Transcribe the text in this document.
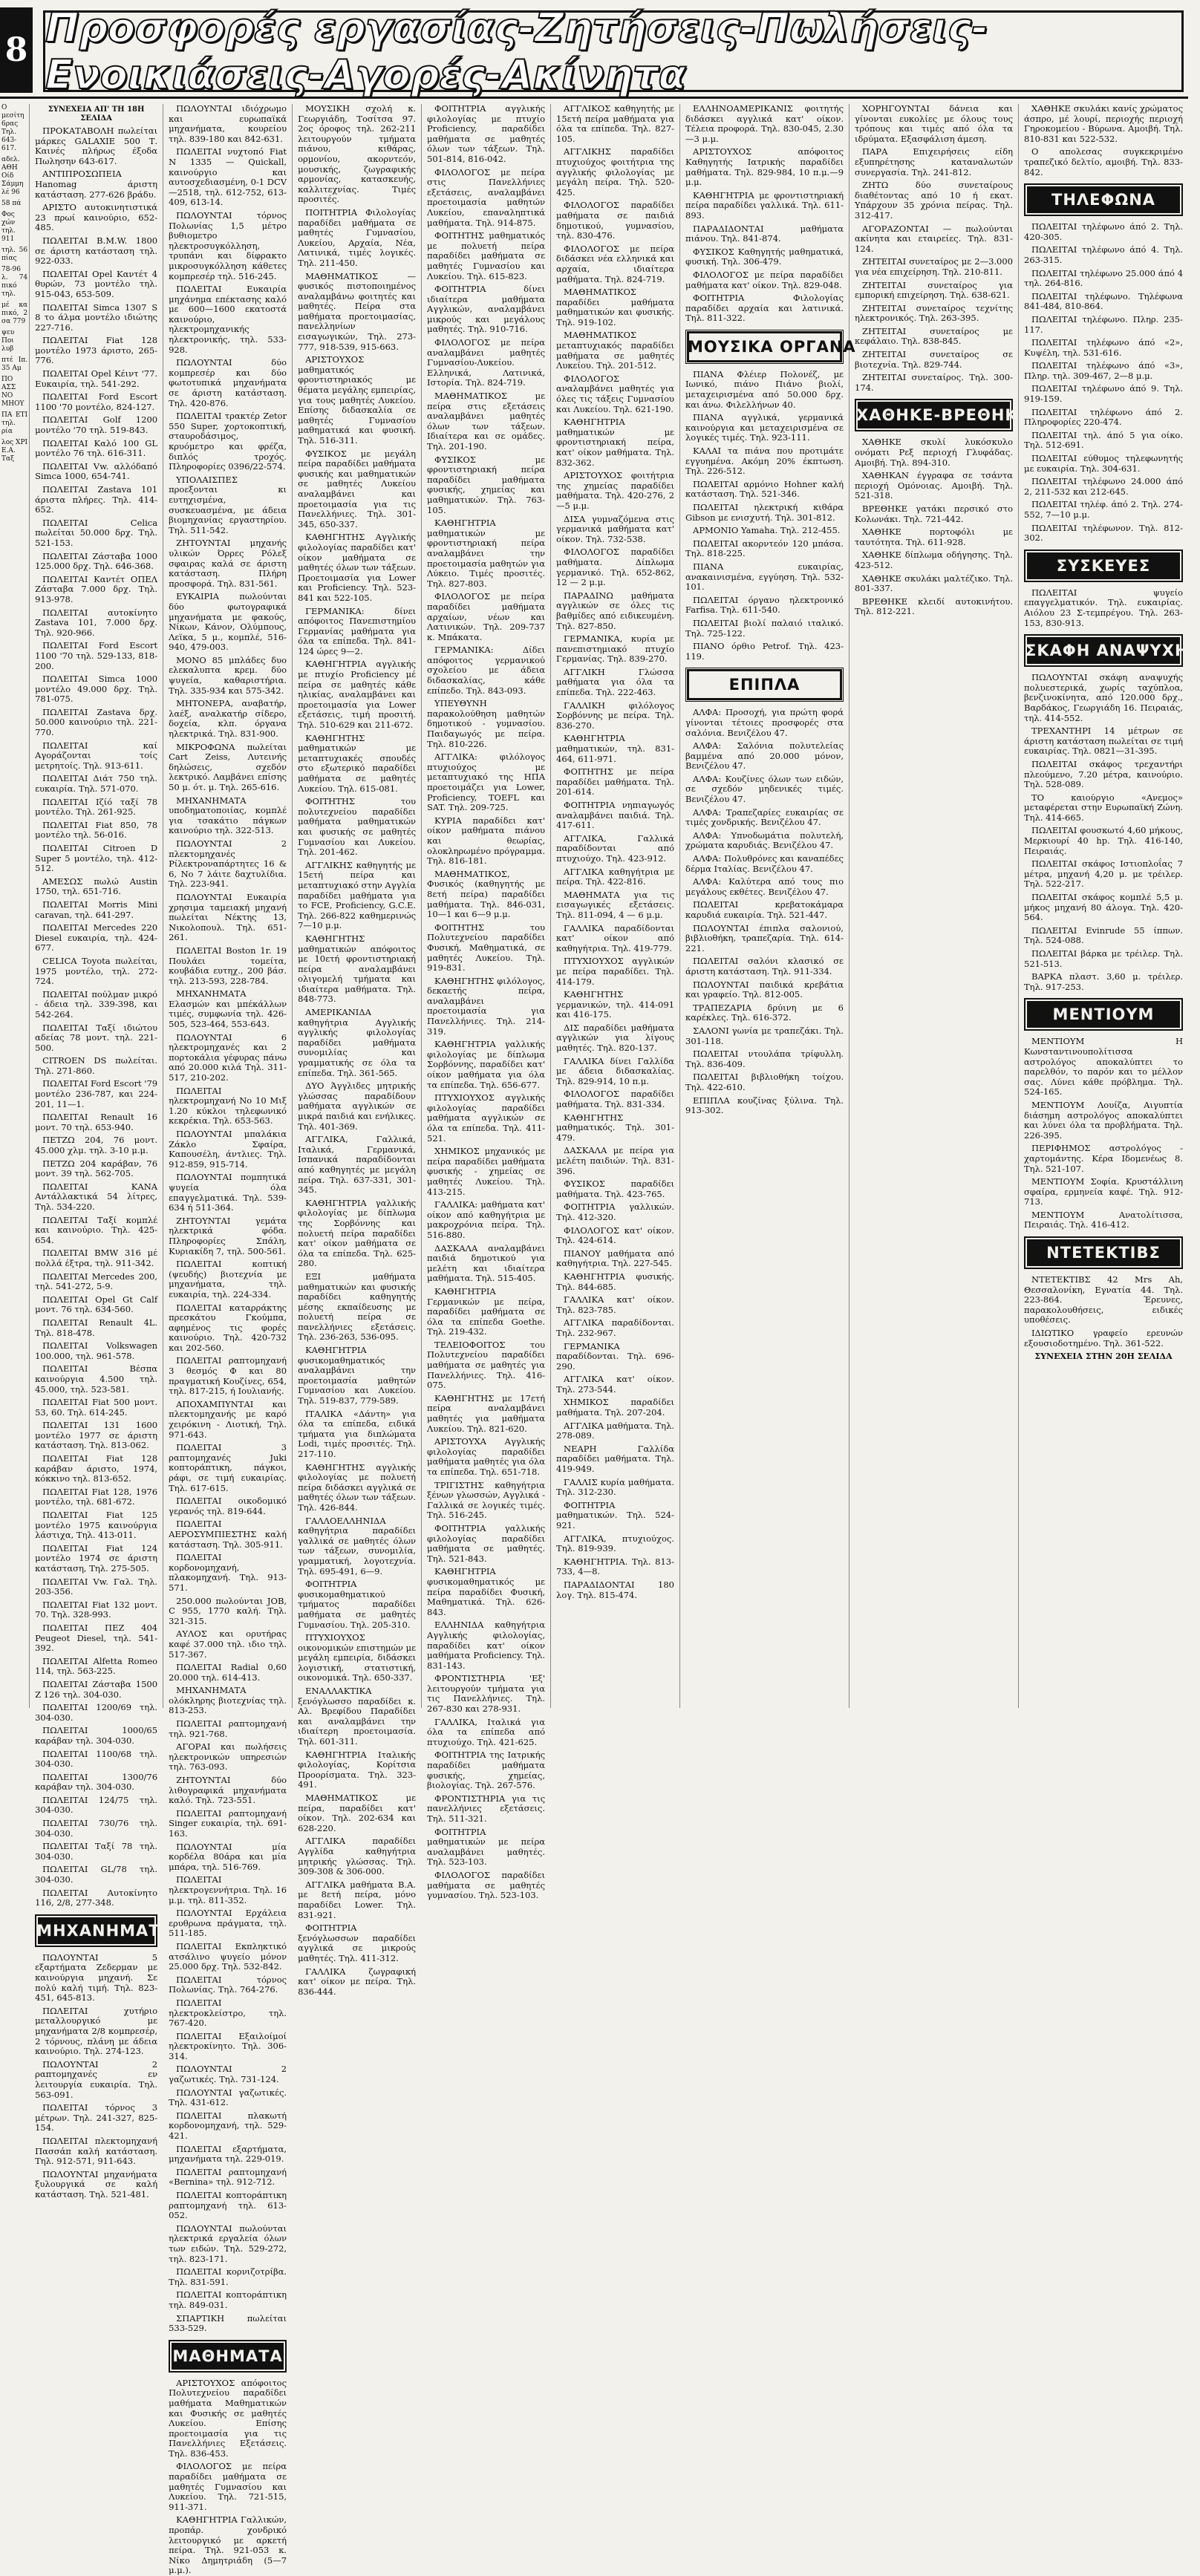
8 Προσφορές εργασίας-Ζητήσεις-Πωλήσεις-Ενοικιάσεις-Αγορές-Ακίνητα
Ο μεσίτη 6ρας Τηλ. 643-617.
αδελ. ΑΘΗ Οίδ Σάμμη λέ 96
58 πά
Φος χών τηλ. 911
τηλ. 56 πίας
78-96 λ. 74 πικό τηλ.
μέ κα πικό, 2 σα 779
ψευ Ποι λυβ
πτέ Ιπ. 35 Αμ
ΠΟ ΑΣΣ ΝΟ ΜΗΟΥ
ΠΑ ΕΤΙ τηλ. ρία
λος ΧΡΙ Ε.Α. Ταξ
ΣΥΝΕΧΕΙΑ ΑΠ' ΤΗ 18Η ΣΕΛΙΔΑ
ΠΡΟΚΑΤΑΒΟΛΗ πωλείται μάρκες GALAXIE 500 Τ. Καινές πλήρως έξοδα Πωλησην 643-617.
ΑΝΤΙΠΡΟΣΩΠΕΙΑ Hanomag άριστη κατάσταση. 277-626 βράδυ.
ΑΡΙΣΤΟ αυτοκινητιστικά 23 πρωί καινούριο, 652-485.
ΠΩΛΕΙΤΑΙ B.M.W. 1800 σε άριστη κατάσταση τηλ. 922-033.
ΠΩΛΕΙΤΑΙ Opel Καντέτ 4 θυρών, 73 μοντέλο τηλ. 915-043, 653-509.
ΠΩΛΕΙΤΑΙ Simca 1307 S 8 το άλμα μοντέλο ιδιώτης 227-716.
ΠΩΛΕΙΤΑΙ Fiat 128 μοντέλο 1973 άριστο, 265-776.
ΠΩΛΕΙΤΑΙ Opel Κέιντ '77. Ευκαιρία, τηλ. 541-292.
ΠΩΛΕΙΤΑΙ Ford Escort 1100 '70 μοντέλο, 824-127.
ΠΩΛΕΙΤΑΙ Golf 1200 μοντέλο '70 τηλ. 519-843.
ΠΩΛΕΙΤΑΙ Καλό 100 GL μοντέλο 76 τηλ. 616-311.
ΠΩΛΕΙΤΑΙ Vw. αλλόδαπό Simca 1000, 654-741.
ΠΩΛΕΙΤΑΙ Zastava 101 άριστα πλήρες. Τηλ. 414-652.
ΠΩΛΕΙΤΑΙ Celica πωλείται 50.000 δρχ. Τηλ. 521-153.
ΠΩΛΕΙΤΑΙ Ζάσταβα 1000 125.000 δρχ. Τηλ. 646-368.
ΠΩΛΕΙΤΑΙ Καντέτ ΟΠΕΛ Ζάσταβα 7.000 δρχ. Τηλ. 913-978.
ΠΩΛΕΙΤΑΙ αυτοκίνητο Zastava 101, 7.000 δρχ. Τηλ. 920-966.
ΠΩΛΕΙΤΑΙ Ford Escort 1100 '70 τηλ. 529-133, 818-200.
ΠΩΛΕΙΤΑΙ Simca 1000 μοντέλο 49.000 δρχ. Τηλ. 781-075.
ΠΩΛΕΙΤΑΙ Zastava δρχ. 50.000 καινούριο τηλ. 221-770.
ΠΩΛΕΙΤΑΙ καί Αγοράζονται τοίς μετρητοίς. Τηλ. 913-611.
ΠΩΛΕΙΤΑΙ Διάτ 750 τηλ. ευκαιρία. Τηλ. 571-070.
ΠΩΛΕΙΤΑΙ Ιζίό ταξί 78 μοντέλο. Τηλ. 261-925.
ΠΩΛΕΙΤΑΙ Fiat 850, 78 μοντέλο τηλ. 56-016.
ΠΩΛΕΙΤΑΙ Citroen D Super 5 μοντέλο, τηλ. 412-512.
ΑΜΕΣΩΣ πωλώ Austin 1750, τηλ. 651-716.
ΠΩΛΕΙΤΑΙ Morris Mini caravan, τηλ. 641-297.
ΠΩΛΕΙΤΑΙ Mercedes 220 Diesel ευκαιρία, τηλ. 424-677.
CELICA Toyota πωλείται, 1975 μοντέλο, τηλ. 272-724.
ΠΩΛΕΙΤΑΙ πούλμαν μικρό - άδεια τηλ. 339-398, και 542-264.
ΠΩΛΕΙΤΑΙ Ταξί ιδιώτου αδείας 78 μοντ. τηλ. 221-500.
CITROEN DS πωλείται. Τηλ. 271-860.
ΠΩΛΕΙΤΑΙ Ford Escort '79 μοντέλο 236-787, και 224-201, 11—1.
ΠΩΛΕΙΤΑΙ Renault 16 μοντ. 70 τηλ. 653-940.
ΠΕΤΖΩ 204, 76 μοντ. 45.000 χλμ. τηλ. 3-10 μ.μ.
ΠΕΤΖΩ 204 καράβαν, 76 μοντ. 39 τηλ. 562-705.
ΠΩΛΕΙΤΑΙ ΚΑΝΑ Αντάλλακτικά 54 λίτρες, Τηλ. 534-220.
ΠΩΛΕΙΤΑΙ Ταξί κομπλέ και καινούριο. Τηλ. 425-654.
ΠΩΛΕΙΤΑΙ BMW 316 μέ πολλά έξτρα, τηλ. 911-342.
ΠΩΛΕΙΤΑΙ Mercedes 200, τηλ. 541-272, 5-9.
ΠΩΛΕΙΤΑΙ Opel Gt Calf μοντ. 76 τηλ. 634-560.
ΠΩΛΕΙΤΑΙ Renault 4L. Τηλ. 818-478.
ΠΩΛΕΙΤΑΙ Volkswagen 100.000, τηλ. 961-578.
ΠΩΛΕΙΤΑΙ Βέσπα καινούργια 4.500 τηλ. 45.000, τηλ. 523-581.
ΠΩΛΕΙΤΑΙ Fiat 500 μοντ. 53, 60. Τηλ. 614-245.
ΠΩΛΕΙΤΑΙ 131 1600 μοντέλο 1977 σε άριστη κατάσταση. Τηλ. 813-062.
ΠΩΛΕΙΤΑΙ Fiat 128 καράβαν άριστο, 1974, κόκκινο τηλ. 813-652.
ΠΩΛΕΙΤΑΙ Fiat 128, 1976 μοντέλο, τηλ. 681-672.
ΠΩΛΕΙΤΑΙ Fiat 125 μοντέλο 1975 καινούργια λάστιχα, Τηλ. 413-011.
ΠΩΛΕΙΤΑΙ Fiat 124 μοντέλο 1974 σε άριστη κατάσταση, Τηλ. 275-505.
ΠΩΛΕΙΤΑΙ Vw. Γαλ. Τηλ. 203-356.
ΠΩΛΕΙΤΑΙ Fiat 132 μοντ. 70. Τηλ. 328-993.
ΠΩΛΕΙΤΑΙ ΠΕΖ 404 Peugeot Diesel, τηλ. 541-392.
ΠΩΛΕΙΤΑΙ Alfetta Romeo 114, τηλ. 563-225.
ΠΩΛΕΙΤΑΙ Ζάσταβα 1500 Ζ 126 τηλ. 304-030.
ΠΩΛΕΙΤΑΙ 1200/69 τηλ. 304-030.
ΠΩΛΕΙΤΑΙ 1000/65 καράβαν τηλ. 304-030.
ΠΩΛΕΙΤΑΙ 1100/68 τηλ. 304-030.
ΠΩΛΕΙΤΑΙ 1300/76 καράβαν τηλ. 304-030.
ΠΩΛΕΙΤΑΙ 124/75 τηλ. 304-030.
ΠΩΛΕΙΤΑΙ 730/76 τηλ. 304-030.
ΠΩΛΕΙΤΑΙ Ταξί 78 τηλ. 304-030.
ΠΩΛΕΙΤΑΙ GL/78 τηλ. 304-030.
ΠΩΛΕΙΤΑΙ Αυτοκίνητο 116, 2/8, 277-348.
ΜΗΧΑΝΗΜΑΤΑ
ΠΩΛΟΥΝΤΑΙ 5 εξαρτήματα Ζεδερμαν με καινούργια μηχανή. Σε πολύ καλή τιμή. Τηλ. 823-451, 645-813.
ΠΩΛΕΙΤΑΙ χυτήριο μεταλλουργικό με μηχανήματα 2/8 κομπρεσέρ, 2 τόρνους, πλάνη με άδεια καινούριο. Τηλ. 274-123.
ΠΩΛΟΥΝΤΑΙ 2 ραπτομηχανές εν λειτουργία ευκαιρία. Τηλ. 563-091.
ΠΩΛΕΙΤΑΙ τόρνος 3 μέτρων. Τηλ. 241-327, 825-154.
ΠΩΛΕΙΤΑΙ πλεκτομηχανή Πασσάπ καλή κατάσταση. Τηλ. 912-571, 911-643.
ΠΩΛΟΥΝΤΑΙ μηχανήματα ξυλουργικά σε καλή κατάσταση. Τηλ. 521-481.
ΠΩΛΟΥΝΤΑΙ ιδιόχρωμο και ευρωπαϊκά μηχανήματα, κουρείου τηλ. 839-180 και 842-631.
ΠΩΛΕΙΤΑΙ νυχτοπό Fiat N 1335 — Quickall, καινούργιο και αυτοσχεδιασμένη, 0-1 DCV—2518, τηλ. 612-752, 613-409, 613-14.
ΠΩΛΟΥΝΤΑΙ τόρνος Πολωνίας 1,5 μέτρο βυθιομετρο ηλεκτροσυγκόλληση, τρυπάνι και δίφρακτο μικροσυγκόλληση κάθετες κομπρεσέρ τηλ. 516-245.
ΠΩΛΕΙΤΑΙ Ευκαιρία μηχάνημα επέκτασης καλό με 600—1600 εκατοστά καινούριο, ηλεκτρομηχανικής ηλεκτρονικής, τηλ. 533-928.
ΠΩΛΟΥΝΤΑΙ δύο κομπρεσέρ και δύο φωτοτυπικά μηχανήματα σε άριστη κατάσταση. Τηλ. 420-876.
ΠΩΛΕΙΤΑΙ τρακτέρ Zetor 550 Super, χορτοκοπτική, σταυροδάσιμος, κρυόμετρο και φρέζα, διπλός τροχός. Πληροφορίες 0396/22-574.
ΥΠΟΛΑΙΣΠΕΣ προεξονται κι ευτηχισμένα, συσκευασμένα, με άδεια βιομηχανίας εργαστηρίου. Τηλ. 511-542.
ΖΗΤΟΥΝΤΑΙ μηχανής υλικών Όρρες Ρόλεξ σφαιρας καλά σε άριστη κατάσταση. Πλήρη προσφορά. Τηλ. 831-561.
ΕΥΚΑΙΡΙΑ πωλούνται δύο φωτογραφικά μηχανήματα με φακούς, Νίκων, Κάνον, Ολύμπους, Λεϊκα, 5 μ., κομπλέ, 516-940, 479-003.
ΜΟΝΟ 85 μπλάδες δυο ελεκαλυπτα κρεμ. δύο ψυγεία, καθαριστήρια. Τηλ. 335-934 και 575-342.
ΜΗΤΟΝΕΡΑ, αναβατήρ, λαέξ, αναλκατήρ σίδερο, δοχεία, κλπ. όργανα ηλεκτρικά. Τηλ. 831-900.
ΜΙΚΡΟΦΩΝΑ πωλείται Cart Zeiss, Λυτεινής δηλώσεις, σχεδόν λεκτρικό. Λαμβάνει επίσης 50 μ. ότ. μ. Τηλ. 265-616.
ΜΗΧΑΝΗΜΑΤΑ υποδηματοποιίας, κομπλέ για τσακάτιο πάγκων καινούριο τηλ. 322-513.
ΠΩΛΟΥΝΤΑΙ 2 πλεκτομηχανές Ρίλεκτροναπάρτητες 16 & 6, Νο 7 λάιτε δαχτυλίδια. Τηλ. 223-941.
ΠΩΛΟΥΝΤΑΙ Ευκαιρία χρησιμα ταμειακή μηχανή πωλείται Νέκτης 13, Νικολοπουλ. Τηλ. 651-261.
ΠΩΛΕΙΤΑΙ Boston 1r. 19 Πουλάει τομείτα, κουβάδια ευτηχ., 200 βάσ. τηλ. 213-593, 228-784.
ΜΗΧΑΝΗΜΑΤΑ Ελασμών και μπέκάλλων τιμές, συμφωνία τηλ. 426-505, 523-464, 553-643.
ΠΩΛΟΥΝΤΑΙ 6 ηλεκτρομηχανές και 2 πορτοκάλια γέφυρας πάνω από 20.000 κιλά Τηλ. 311-517, 210-202.
ΠΩΛΕΙΤΑΙ ηλεκτρομηχανή No 10 Μιξ 1.20 κύκλοι τηλεφωνικό κεκρέκια. Τηλ. 653-563.
ΠΩΛΟΥΝΤΑΙ μπαλάκια Ζάκλο Σφαίρα, Καπουσέλη, άντλιες. Τηλ. 912-859, 915-714.
ΠΩΛΟΥΝΤΑΙ πομπητικά ψυγεία όλα επαγγελματικά. Τηλ. 539-634 ή 511-364.
ΖΗΤΟΥΝΤΑΙ γεμάτα ηλεκτρικά φόδα. Πληροφορίες Σπάλη, Κυριακίδη 7, τηλ. 500-561.
ΠΩΛΕΙΤΑΙ κοπτική (ψευδής) βιοτεχνία με μηχανήματα, τηλ. ευκαιρία, τηλ. 224-334.
ΠΩΛΕΙΤΑΙ καταρράκτης πρεσκάτου Γκούμπα, αφημένος τις φορές καινούριο. Τηλ. 420-732 και 202-560.
ΠΩΛΕΙΤΑΙ ραπτομηχανή 3 θεσμός Φ και 80 πραγματική Κουζίνες, 654, τηλ. 817-215, ή Ιουλιανής.
ΑΠΟΧΑΜΠΥΝΤΑΙ και πλεκτομηχανής με καρό χειρόκινη - Λιοτική, Τηλ. 971-643.
ΠΩΛΕΙΤΑΙ 3 ραπτομηχανές Juki κοπτοράπτικη, πάγκοι, ράφι, σε τιμή ευκαιρίας. Τηλ. 617-615.
ΠΩΛΕΙΤΑΙ οικοδομικό γερανός τηλ. 819-644.
ΠΩΛΕΙΤΑΙ ΑΕΡΟΣΥΜΠΙΕΣΤΗΣ καλή κατάσταση. Τηλ. 305-911.
ΠΩΛΕΙΤΑΙ κορδονομηχανή, πλακομηχανή. Τηλ. 913-571.
250.000 πωλούνται JOB, C 955, 1770 καλή. Τηλ. 321-315.
ΑΥΛΟΣ και ορυτήρας καφέ 37.000 τηλ. ιδιο τηλ. 517-367.
ΠΩΛΕΙΤΑΙ Radial 0,60 20.000 τηλ. 614-413.
ΜΗΧΑΝΗΜΑΤΑ ολόκληρης βιοτεχνίας τηλ. 813-253.
ΠΩΛΕΙΤΑΙ ραπτομηχανή τηλ. 921-768.
ΑΓΟΡΑΙ και πωλήσεις ηλεκτρονικών υπηρεσιών τηλ. 763-093.
ΖΗΤΟΥΝΤΑΙ δύο λιθογραφικά μηχανήματα καλό. Τηλ. 723-551.
ΠΩΛΕΙΤΑΙ ραπτομηχανή Singer ευκαιρία, τηλ. 691-163.
ΠΩΛΟΥΝΤΑΙ μία κορδέλα 80άρα και μία μπάρα, τηλ. 516-769.
ΠΩΛΕΙΤΑΙ ηλεκτρογεννήτρια. Τηλ. 16 μ.μ. τηλ. 811-352.
ΠΩΛΟΥΝΤΑΙ Ερχάλεια ερυθρωνα πράγματα, τηλ. 511-185.
ΠΩΛΕΙΤΑΙ Εκπληκτικό ατσάλινο ψυγείο μόνον 25.000 δρχ. Τηλ. 532-842.
ΠΩΛΕΙΤΑΙ τόρνος Πολωνίας. Τηλ. 764-276.
ΠΩΛΕΙΤΑΙ ηλεκτροκλείστρο, τηλ. 767-420.
ΠΩΛΕΙΤΑΙ Εξαιλοίμοί ηλεκτροκίνητο. Τηλ. 306-314.
ΠΩΛΟΥΝΤΑΙ 2 γαζωτικές. Τηλ. 731-124.
ΠΩΛΟΥΝΤΑΙ γαζωτικές. Τηλ. 431-612.
ΠΩΛΕΙΤΑΙ πλακωτή κορδονομηχανή, τηλ. 529-421.
ΠΩΛΕΙΤΑΙ εξαρτήματα, μηχανήματα τηλ. 229-019.
ΠΩΛΕΙΤΑΙ ραπτομηχανή «Bernina» τηλ. 912-712.
ΠΩΛΕΙΤΑΙ κοπτοράπτικη ραπτομηχανή τηλ. 613-052.
ΠΩΛΟΥΝΤΑΙ πωλούνται ηλεκτρικά εργαλεία όλων των ειδών. Τηλ. 529-272, τηλ. 823-171.
ΠΩΛΕΙΤΑΙ κορνιζοτρίβα. Τηλ. 831-591.
ΠΩΛΕΙΤΑΙ κοπτοράπτικη τηλ. 849-031.
ΣΠΑΡΤΙΚΗ πωλείται 533-529.
ΜΑΘΗΜΑΤΑ
ΑΡΙΣΤΟΥΧΟΣ απόφοιτος Πολυτεχνείου παραδίδει μαθήματα Μαθηματικών και Φυσικής σε μαθητές Λυκείου. Επίσης προετοιμασία για τις Πανελλήνιες Εξετάσεις. Τηλ. 836-453.
ΦΙΛΟΛΟΓΟΣ με πείρα παραδίδει μαθήματα σε μαθητές Γυμνασίου και Λυκείου. Τηλ. 721-515, 911-371.
ΚΑΘΗΓΗΤΡΙΑ Γαλλικών, προπάρ. χονδρικό λειτουργικό με αρκετή πείρα. Τηλ. 921-053 κ. Νίκο Δημητριάδη (5—7 μ.μ.).
ΜΟΥΣΙΚΗ σχολή κ. Γεωργιάδη, Τοσίτσα 97. 2ος όροφος τηλ. 262-211 λειτουργούν τμήματα πιάνου, κιθάρας, ορμονίου, ακορντεόν, μουσικής, ζωγραφικής αρμονίας, κατασκευής, καλλιτεχνίας. Τιμές προσιτές.
ΠΟΙΤΗΤΡΙΑ Φιλολογίας παραδίδει μαθήματα σε μαθητές Γυμνασίου, Λυκείου, Αρχαία, Νέα, Λατινικά, τιμές λογικές. Τηλ. 211-450.
ΜΑΘΗΜΑΤΙΚΟΣ — φυσικός πιστοποιημένος αναλαμβάνω φοιτητές και μαθητές. Πείρα στα μαθήματα προετοιμασίας, πανελληνίων εισαγωγικών, Τηλ. 273-777, 918-539, 915-663.
ΑΡΙΣΤΟΥΧΟΣ μαθηματικός φροντιστηριακός με θέματα μεγάλης εμπειρίας, για τους μαθητές Λυκείου. Επίσης διδασκαλία σε μαθητές Γυμνασίου μαθηματικά και φυσική. Τηλ. 516-311.
ΦΥΣΙΚΟΣ με μεγάλη πείρα παραδίδει μαθήματα φυσικής και μαθηματικών σε μαθητές Λυκείου αναλαμβάνει και προετοιμασία για τις Πανελλήνιες. Τηλ. 301-345, 650-337.
ΚΑΘΗΓΗΤΗΣ Αγγλικής φιλολογίας παραδίδει κατ' οίκον μαθήματα σε μαθητές όλων των τάξεων. Προετοιμασία για Lower και Proficiency. Τηλ. 523-841 και 522-105.
ΓΕΡΜΑΝΙΚΑ: δίνει απόφοιτος Πανεπιστημίου Γερμανίας μαθήματα για όλα τα επίπεδα. Τηλ. 841-124 ώρες 9—2.
ΚΑΘΗΓΗΤΡΙΑ αγγλικής με πτυχίο Proficiency μέ πείρα σε μαθητές κάθε ηλικίας, αναλαμβάνει και προετοιμασία για Lower εξετάσεις, τιμή προσιτή. Τηλ. 510-629 και 211-672.
ΚΑΘΗΓΗΤΗΣ μαθηματικών με μεταπτυχιακές σπουδές στο εξωτερικό παραδίδει μαθήματα σε μαθητές Λυκείου. Τηλ. 615-081.
ΦΟΙΤΗΤΗΣ του πολυτεχνείου παραδίδει μαθήματα μαθηματικών και φυσικής σε μαθητές Γυμνασίου και Λυκείου. Τηλ. 201-462.
ΑΓΓΛΙΚΗΣ καθηγητής με 15ετή πείρα και μεταπτυχιακό στην Αγγλία παραδίδει μαθήματα για το FCE, Proficiency, G.C.E. Τηλ. 266-822 καθημερινώς 7—10 μ.μ.
ΚΑΘΗΓΗΤΗΣ μαθηματικών απόφοιτος με 10ετή φροντιστηριακή πείρα αναλαμβάνει ολιγομελή τμήματα και ιδιαίτερα μαθήματα. Τηλ. 848-773.
ΑΜΕΡΙΚΑΝΙΔΑ καθηγήτρια Αγγλικής αγγλικής φιλολογίας παραδίδει μαθήματα συνομιλίας και γραμματικής σε όλα τα επίπεδα. Τηλ. 361-565.
ΔΥΟ Άγγλιδες μητρικής γλώσσας παραδίδουν μαθήματα αγγλικών σε μικρά παιδιά και ενήλικες. Τηλ. 401-369.
ΑΓΓΛΙΚΑ, Γαλλικά, Ιταλικά, Γερμανικά, Ισπανικά παραδίδονται από καθηγητές με μεγάλη πείρα. Τηλ. 637-331, 301-345.
ΚΑΘΗΓΗΤΡΙΑ γαλλικής φιλολογίας με δίπλωμα της Σορβόννης και πολυετή πείρα παραδίδει κατ' οίκον μαθήματα σε όλα τα επίπεδα. Τηλ. 625-280.
ΕΞΙ μαθήματα μαθηματικών και φυσικής παραδίδει καθηγητής μέσης εκπαίδευσης με πολυετή πείρα σε πανελλήνιες εξετάσεις. Τηλ. 236-263, 536-095.
ΚΑΘΗΓΗΤΡΙΑ φυσικομαθηματικός αναλαμβάνει την προετοιμασία μαθητών Γυμνασίου και Λυκείου. Τηλ. 519-837, 779-589.
ΙΤΑΛΙΚΑ «Δάντη» για όλα τα επίπεδα, ειδικά τμήματα για διπλώματα Lodi, τιμές προσιτές. Τηλ. 217-110.
ΚΑΘΗΓΗΤΗΣ αγγλικής φιλολογίας με πολυετή πείρα διδάσκει αγγλικά σε μαθητές όλων των τάξεων. Τηλ. 426-844.
ΓΑΛΛΟΕΛΛΗΝΙΔΑ καθηγήτρια παραδίδει γαλλικά σε μαθητές όλων των τάξεων, συνομιλία, γραμματική, λογοτεχνία. Τηλ. 695-491, 6—9.
ΦΟΙΤΗΤΡΙΑ φυσικομαθηματικού τμήματος παραδίδει μαθήματα σε μαθητές Γυμνασίου. Τηλ. 205-310.
ΠΤΥΧΙΟΥΧΟΣ οικονομικών επιστημών με μεγάλη εμπειρία, διδάσκει λογιστική, στατιστική, οικονομικά. Τηλ. 650-337.
ΕΝΑΛΛΑΚΤΙΚΑ ξενόγλωσσο παραδίδει κ. Αλ. Βρεφίδου Παραδίδει και αναλαμβάνει την ιδιαίτερη προετοιμασία. Τηλ. 601-311.
ΚΑΘΗΓΗΤΡΙΑ Ιταλικής φιλολογίας, Κορίτσια Προορίσματα. Τηλ. 323-491.
ΜΑΘΗΜΑΤΙΚΟΣ με πείρα, παραδίδει κατ' οίκον. Τηλ. 202-634 και 628-220.
ΑΓΓΛΙΚΑ παραδίδει Αγγλίδα καθηγήτρια μητρικής γλώσσας. Τηλ. 309-308 & 306-000.
ΑΓΓΛΙΚΑ μαθήματα Β.Α. με 8ετή πείρα, μόνο παραδίδει Lower. Τηλ. 831-921.
ΦΟΙΤΗΤΡΙΑ ξενόγλωσσων παραδίδει αγγλικά σε μικρούς μαθητές. Τηλ. 411-312.
ΓΑΛΛΙΚΑ ζωγραφική κατ' οίκον με πείρα. Τηλ. 836-444.
ΦΟΙΤΗΤΡΙΑ αγγλικής φιλολογίας με πτυχίο Proficiency, παραδίδει μαθήματα σε μαθητές όλων των τάξεων. Τηλ. 501-814, 816-042.
ΦΙΛΟΛΟΓΟΣ με πείρα στις Πανελλήνιες εξετάσεις, αναλαμβάνει προετοιμασία μαθητών Λυκείου, επαναληπτικά μαθήματα. Τηλ. 914-875.
ΦΟΙΤΗΤΗΣ μαθηματικός με πολυετή πείρα παραδίδει μαθήματα σε μαθητές Γυμνασίου και Λυκείου. Τηλ. 615-823.
ΦΟΙΤΗΤΡΙΑ δίνει ιδιαίτερα μαθήματα Αγγλικών, αναλαμβάνει μικρούς και μεγάλους μαθητές. Τηλ. 910-716.
ΦΙΛΟΛΟΓΟΣ με πείρα αναλαμβάνει μαθητές Γυμνασίου-Λυκείου. Ελληνικά, Λατινικά, Ιστορία. Τηλ. 824-719.
ΜΑΘΗΜΑΤΙΚΟΣ με πείρα στις εξετάσεις αναλαμβάνει μαθητές όλων των τάξεων. Ιδιαίτερα και σε ομάδες. Τηλ. 201-190.
ΦΥΣΙΚΟΣ με φροντιστηριακή πείρα παραδίδει μαθήματα φυσικής, χημείας και μαθηματικών. Τηλ. 763-105.
ΚΑΘΗΓΗΤΡΙΑ μαθηματικών με φροντιστηριακή πείρα αναλαμβάνει την προετοιμασία μαθητών για Λύκειο. Τιμές προσιτές. Τηλ. 827-803.
ΦΙΛΟΛΟΓΟΣ με πείρα παραδίδει μαθήματα αρχαίων, νέων και Λατινικών. Τηλ. 209-737 κ. Μπάκατα.
ΓΕΡΜΑΝΙΚΑ: Δίδει απόφοιτος γερμανικού σχολείου με άδεια διδασκαλίας, κάθε επίπεδο. Τηλ. 843-093.
ΥΠΕΥΘΥΝΗ παρακολούθηση μαθητών δημοτικού - γυμνασίου. Παιδαγωγός με πείρα. Τηλ. 810-226.
ΑΓΓΛΙΚΑ: φιλόλογος πτυχιούχος με μεταπτυχιακό της ΗΠΑ προετοιμάζει για Lower, Proficiency, TOEFL και SAT. Τηλ. 209-725.
ΚΥΡΙΑ παραδίδει κατ' οίκον μαθήματα πιάνου και θεωρίας, ολοκληρωμένο πρόγραμμα. Τηλ. 816-181.
ΜΑΘΗΜΑΤΙΚΟΣ, Φυσικός (καθηγητής με 8ετή πείρα) παραδίδει μαθήματα. Τηλ. 846-031, 10—1 και 6—9 μ.μ.
ΦΟΙΤΗΤΗΣ του Πολυτεχνείου παραδίδει Φυσική, Μαθηματικά, σε μαθητές Λυκείου. Τηλ. 919-831.
ΚΑΘΗΓΗΤΗΣ φιλόλογος, δεκαετής πείρα, αναλαμβάνει προετοιμασία για Πανελλήνιες. Τηλ. 214-319.
ΚΑΘΗΓΗΤΡΙΑ γαλλικής φιλολογίας με δίπλωμα Σορβόννης, παραδίδει κατ' οίκον μαθήματα για όλα τα επίπεδα. Τηλ. 656-677.
ΠΤΥΧΙΟΥΧΟΣ αγγλικής φιλολογίας παραδίδει μαθήματα αγγλικών σε όλα τα επίπεδα. Τηλ. 411-521.
ΧΗΜΙΚΟΣ μηχανικός με πείρα παραδίδει μαθήματα φυσικής - χημείας σε μαθητές Λυκείου. Τηλ. 413-215.
ΓΑΛΛΙΚΑ: μαθήματα κατ' οίκον από καθηγήτρια με μακροχρόνια πείρα. Τηλ. 516-880.
ΔΑΣΚΑΛΑ αναλαμβάνει παιδιά δημοτικού για μελέτη και ιδιαίτερα μαθήματα. Τηλ. 515-405.
ΚΑΘΗΓΗΤΡΙΑ Γερμανικών με πείρα, παραδίδει μαθήματα σε όλα τα επίπεδα Goethe. Τηλ. 219-432.
ΤΕΛΕΙΟΦΟΙΤΟΣ του Πολυτεχνείου παραδίδει μαθήματα σε μαθητές για Πανελλήνιες. Τηλ. 416-075.
ΚΑΘΗΓΗΤΗΣ με 17ετή πείρα αναλαμβάνει μαθητές για μαθήματα Λυκείου. Τηλ. 821-620.
ΑΡΙΣΤΟΥΧΑ Αγγλικής φιλολογίας παραδίδει μαθήματα μαθητές για όλα τα επίπεδα. Τηλ. 651-718.
ΤΡΙΓΙΣΤΗΣ καθηγήτρια ξένων γλωσσών, Αγγλικά - Γαλλικά σε λογικές τιμές. Τηλ. 516-245.
ΦΟΙΤΗΤΡΙΑ γαλλικής φιλολογίας παραδίδει μαθήματα σε μαθητές. Τηλ. 521-843.
ΚΑΘΗΓΗΤΡΙΑ φυσικομαθηματικός με πείρα παραδίδει Φυσική, Μαθηματικά. Τηλ. 626-843.
ΕΛΛΗΝΙΔΑ καθηγήτρια Αγγλικής φιλολογίας, παραδίδει κατ' οίκον μαθήματα Proficiency. Τηλ. 831-143.
ΦΡΟΝΤΙΣΤΗΡΙΑ 'Εξ' λειτουργούν τμήματα για τις Πανελλήνιες. Τηλ. 267-830 και 278-931.
ΓΑΛΛΙΚΑ, Ιταλικά για όλα τα επίπεδα από πτυχιούχο. Τηλ. 421-625.
ΦΟΙΤΗΤΡΙΑ της Ιατρικής παραδίδει μαθήματα φυσικής, χημείας, βιολογίας. Τηλ. 267-576.
ΦΡΟΝΤΙΣΤΗΡΙΑ για τις πανελλήνιες εξετάσεις. Τηλ. 511-321.
ΦΟΙΤΗΤΡΙΑ μαθηματικών με πείρα αναλαμβάνει μαθητές. Τηλ. 523-103.
ΦΙΛΟΛΟΓΟΣ παραδίδει μαθήματα σε μαθητές γυμνασίου. Τηλ. 523-103.
ΑΓΓΛΙΚΟΣ καθηγητής με 15ετή πείρα μαθήματα για όλα τα επίπεδα. Τηλ. 827-105.
ΑΓΓΛΙΚΗΣ παραδίδει πτυχιούχος φοιτήτρια της αγγλικής φιλολογίας με μεγάλη πείρα. Τηλ. 520-425.
ΦΙΛΟΛΟΓΟΣ παραδίδει μαθήματα σε παιδιά δημοτικού, γυμνασίου, τηλ. 830-476.
ΦΙΛΟΛΟΓΟΣ με πείρα διδάσκει νέα ελληνικά και αρχαία, ιδιαίτερα μαθήματα. Τηλ. 824-719.
ΜΑΘΗΜΑΤΙΚΟΣ παραδίδει μαθήματα μαθηματικών και φυσικής. Τηλ. 919-102.
ΜΑΘΗΜΑΤΙΚΟΣ μεταπτυχιακός παραδίδει μαθήματα σε μαθητές Λυκείου. Τηλ. 201-512.
ΦΙΛΟΛΟΓΟΣ αναλαμβάνει μαθητές για όλες τις τάξεις Γυμνασίου και Λυκείου. Τηλ. 621-190.
ΚΑΘΗΓΗΤΡΙΑ μαθηματικών με φροντιστηριακή πείρα, κατ' οίκον μαθήματα. Τηλ. 832-362.
ΑΡΙΣΤΟΥΧΟΣ φοιτήτρια της χημείας παραδίδει μαθήματα. Τηλ. 420-276, 2—5 μ.μ.
ΔΙΣΑ γυμναζόμενα στις γερμανικά μαθήματα κατ' οίκον. Τηλ. 732-538.
ΦΙΛΟΛΟΓΟΣ παραδίδει μαθήματα. Δίπλωμα γερμανικό. Τηλ. 652-862, 12 — 2 μ.μ.
ΠΑΡΑΔΙΝΩ μαθήματα αγγλικών σε όλες τις βαθμίδες από ειδικευμένη. Τηλ. 827-850.
ΓΕΡΜΑΝΙΚΑ, κυρία με πανεπιστημιακό πτυχίο Γερμανίας. Τηλ. 839-270.
ΑΓΓΛΙΚΗ Γλώσσα μαθήματα για όλα τα επίπεδα. Τηλ. 222-463.
ΓΑΛΛΙΚΗ φιλόλογος Σορβόννης με πείρα. Τηλ. 836-270.
ΚΑΘΗΓΗΤΡΙΑ μαθηματικών, τηλ. 831-464, 611-971.
ΦΟΙΤΗΤΗΣ με πείρα παραδίδει μαθήματα. Τηλ. 201-614.
ΦΟΙΤΗΤΡΙΑ νηπιαγωγός αναλαμβάνει παιδιά. Τηλ. 417-611.
ΑΓΓΛΙΚΑ, Γαλλικά παραδίδονται από πτυχιούχο. Τηλ. 423-912.
ΑΓΓΛΙΚΑ καθηγήτρια με πείρα. Τηλ. 422-816.
ΜΑΘΗΜΑΤΑ για τις εισαγωγικές εξετάσεις. Τηλ. 811-094, 4 — 6 μ.μ.
ΓΑΛΛΙΚΑ παραδίδονται κατ' οίκον από καθηγήτρια. Τηλ. 419-779.
ΠΤΥΧΙΟΥΧΟΣ αγγλικών με πείρα παραδίδει. Τηλ. 414-179.
ΚΑΘΗΓΗΤΗΣ γερμανικών, τηλ. 414-091 και 416-175.
ΔΙΣ παραδίδει μαθήματα αγγλικών για λίγους μαθητές. Τηλ. 820-137.
ΓΑΛΛΙΚΑ δίνει Γαλλίδα με άδεια διδασκαλίας. Τηλ. 829-914, 10 π.μ.
ΦΙΛΟΛΟΓΟΣ παραδίδει μαθήματα. Τηλ. 831-334.
ΚΑΘΗΓΗΤΗΣ μαθηματικός. Τηλ. 301-479.
ΔΑΣΚΑΛΑ με πείρα για μελέτη παιδιών. Τηλ. 831-396.
ΦΥΣΙΚΟΣ παραδίδει μαθήματα. Τηλ. 423-765.
ΦΟΙΤΗΤΡΙΑ γαλλικών. Τηλ. 412-320.
ΦΙΛΟΛΟΓΟΣ κατ' οίκον. Τηλ. 424-614.
ΠΙΑΝΟΥ μαθήματα από καθηγήτρια. Τηλ. 227-545.
ΚΑΘΗΓΗΤΡΙΑ φυσικής. Τηλ. 844-685.
ΓΑΛΛΙΚΑ κατ' οίκον. Τηλ. 823-785.
ΑΓΓΛΙΚΑ παραδίδονται. Τηλ. 232-967.
ΓΕΡΜΑΝΙΚΑ παραδίδονται. Τηλ. 696-290.
ΑΓΓΛΙΚΑ κατ' οίκον. Τηλ. 273-544.
ΧΗΜΙΚΟΣ παραδίδει μαθήματα. Τηλ. 207-204.
ΑΓΓΛΙΚΑ μαθήματα. Τηλ. 278-089.
ΝΕΑΡΗ Γαλλίδα παραδίδει μαθήματα. Τηλ. 419-949.
ΓΑΛΛΙΣ κυρία μαθήματα. Τηλ. 312-230.
ΦΟΙΤΗΤΡΙΑ μαθηματικών. Τηλ. 524-921.
ΑΓΓΛΙΚΑ, πτυχιούχος. Τηλ. 819-939.
ΚΑΘΗΓΗΤΡΙΑ. Τηλ. 813-733, 4—8.
ΠΑΡΑΔΙΔΟΝΤΑΙ 180 λογ. Τηλ. 815-474.
ΕΛΛΗΝΟΑΜΕΡΙΚΑΝΙΣ φοιτητής διδάσκει αγγλικά κατ' οίκον. Τέλεια προφορά. Τηλ. 830-045, 2.30—3 μ.μ.
ΑΡΙΣΤΟΥΧΟΣ απόφοιτος Καθηγητής Ιατρικής παραδίδει μαθήματα. Τηλ. 829-984, 10 π.μ.—9 μ.μ.
ΚΑΘΗΓΗΤΡΙΑ με φροντιστηριακή πείρα παραδίδει γαλλικά. Τηλ. 611-893.
ΠΑΡΑΔΙΔΟΝΤΑΙ μαθήματα πιάνου. Τηλ. 841-874.
ΦΥΣΙΚΟΣ Καθηγητής μαθηματικά, φυσική. Τηλ. 306-479.
ΦΙΛΟΛΟΓΟΣ με πείρα παραδίδει μαθήματα κατ' οίκον. Τηλ. 829-048.
ΦΟΙΤΗΤΡΙΑ Φιλολογίας παραδίδει αρχαία και λατινικά. Τηλ. 811-322.
ΜΟΥΣΙΚΑ ΟΡΓΑΝΑ
ΠΙΑΝΑ Φλέιερ Πολονέζ, με Ιωνικό, πιάνο Πιάνο βιολί, μεταχειρισμένα από 50.000 δρχ. και άνω. Φιλελλήνων 40.
ΠΙΑΝΑ αγγλικά, γερμανικά καινούργια και μεταχειρισμένα σε λογικές τιμές. Τηλ. 923-111.
ΚΑΛΑΙ τα πιάνα που προτιμάτε εγγυημένα. Ακόμη 20% έκπτωση. Τηλ. 226-512.
ΠΩΛΕΙΤΑΙ αρμόνιο Hohner καλή κατάσταση. Τηλ. 521-346.
ΠΩΛΕΙΤΑΙ ηλεκτρική κιθάρα Gibson με ενισχυτή. Τηλ. 301-812.
ΑΡΜΟΝΙΟ Yamaha. Τηλ. 212-455.
ΠΩΛΕΙΤΑΙ ακορντεόν 120 μπάσα. Τηλ. 818-225.
ΠΙΑΝΑ ευκαιρίας, ανακαινισμένα, εγγύηση. Τηλ. 532-101.
ΠΩΛΕΙΤΑΙ όργανο ηλεκτρονικό Farfisa. Τηλ. 611-540.
ΠΩΛΕΙΤΑΙ βιολί παλαιό ιταλικό. Τηλ. 725-122.
ΠΙΑΝΟ όρθιο Petrof. Τηλ. 423-119.
ΕΠΙΠΛΑ
ΑΛΦΑ: Προσοχή, για πρώτη φορά γίνονται τέτοιες προσφορές στα σαλόνια. Βενιζέλου 47.
ΑΛΦΑ: Σαλόνια πολυτελείας βαμμένα από 20.000 μόνον, Βενιζέλου 47.
ΑΛΦΑ: Κουζίνες όλων των ειδών, σε σχεδόν μηδενικές τιμές. Βενιζέλου 47.
ΑΛΦΑ: Τραπεζαρίες ευκαιρίας σε τιμές χονδρικής. Βενιζέλου 47.
ΑΛΦΑ: Υπνοδωμάτια πολυτελή, χρώματα καρυδιάς. Βενιζέλου 47.
ΑΛΦΑ: Πολυθρόνες και καναπέδες δέρμα Ιταλίας. Βενιζέλου 47.
ΑΛΦΑ: Καλύτερα από τους πιο μεγάλους εκθέτες. Βενιζέλου 47.
ΠΩΛΕΙΤΑΙ κρεβατοκάμαρα καρυδιά ευκαιρία. Τηλ. 521-447.
ΠΩΛΟΥΝΤΑΙ έπιπλα σαλονιού, βιβλιοθήκη, τραπεζαρία. Τηλ. 614-221.
ΠΩΛΕΙΤΑΙ σαλόνι κλασικό σε άριστη κατάσταση. Τηλ. 911-334.
ΠΩΛΟΥΝΤΑΙ παιδικά κρεβάτια και γραφείο. Τηλ. 812-005.
ΤΡΑΠΕΖΑΡΙΑ δρύινη με 6 καρέκλες. Τηλ. 616-372.
ΣΑΛΟΝΙ γωνία με τραπεζάκι. Τηλ. 301-118.
ΠΩΛΕΙΤΑΙ ντουλάπα τρίφυλλη. Τηλ. 836-409.
ΠΩΛΕΙΤΑΙ βιβλιοθήκη τοίχου. Τηλ. 422-610.
ΕΠΙΠΛΑ κουζίνας ξύλινα. Τηλ. 913-302.
ΧΟΡΗΓΟΥΝΤΑΙ δάνεια και γίνονται ευκολίες με όλους τους τρόπους και τιμές από όλα τα ιδρύματα. Εξασφάλιση άμεση.
ΠΑΡΑ Επιχειρήσεις είδη εξυπηρέτησης καταναλωτών συνεργασία. Τηλ. 241-812.
ΖΗΤΩ δύο συνεταίρους διαθέτοντας από 10 ή εκατ. Υπάρχουν 35 χρόνια πείρας. Τηλ. 312-417.
ΑΓΟΡΑΖΟΝΤΑΙ — πωλούνται ακίνητα και εταιρείες. Τηλ. 831-124.
ΖΗΤΕΙΤΑΙ συνεταίρος με 2—3.000 για νέα επιχείρηση. Τηλ. 210-811.
ΖΗΤΕΙΤΑΙ συνεταίρος για εμπορική επιχείρηση. Τηλ. 638-621.
ΖΗΤΕΙΤΑΙ συνεταίρος τεχνίτης ηλεκτρονικός. Τηλ. 263-395.
ΖΗΤΕΙΤΑΙ συνεταίρος με κεφάλαιο. Τηλ. 838-845.
ΖΗΤΕΙΤΑΙ συνεταίρος σε βιοτεχνία. Τηλ. 829-744.
ΖΗΤΕΙΤΑΙ συνεταίρος. Τηλ. 300-174.
ΧΑΘΗΚΕ-ΒΡΕΘΗΚΕ
ΧΑΘΗΚΕ σκυλί λυκόσκυλο ονόματι Ρεξ περιοχή Γλυφάδας. Αμοιβή. Τηλ. 894-310.
ΧΑΘΗΚΑΝ έγγραφα σε τσάντα περιοχή Ομόνοιας. Αμοιβή. Τηλ. 521-318.
ΒΡΕΘΗΚΕ γατάκι περσικό στο Κολωνάκι. Τηλ. 721-442.
ΧΑΘΗΚΕ πορτοφόλι με ταυτότητα. Τηλ. 611-928.
ΧΑΘΗΚΕ δίπλωμα οδήγησης. Τηλ. 423-512.
ΧΑΘΗΚΕ σκυλάκι μαλτέζικο. Τηλ. 801-337.
ΒΡΕΘΗΚΕ κλειδί αυτοκινήτου. Τηλ. 812-221.
ΧΑΘΗΚΕ σκυλάκι κανίς χρώματος άσπρο, μέ λουρί, περιοχής περιοχή Γηροκομείου - Βύρωνα. Αμοιβή. Τηλ. 810-831 και 522-532.
Ο απολεσας συγκεκριμένο τραπεζικό δελτίο, αμοιβή. Τηλ. 833-842.
ΤΗΛΕΦΩΝΑ
ΠΩΛΕΙΤΑΙ τηλέφωνο άπό 2. Τηλ. 420-305.
ΠΩΛΕΙΤΑΙ τηλέφωνο άπό 4. Τηλ. 263-315.
ΠΩΛΕΙΤΑΙ τηλέφωνο 25.000 άπό 4 τηλ. 264-816.
ΠΩΛΕΙΤΑΙ τηλέφωνο. Τηλέφωνα 841-484, 810-864.
ΠΩΛΕΙΤΑΙ τηλέφωνο. Πληρ. 235-117.
ΠΩΛΕΙΤΑΙ τηλέφωνο άπό «2», Κυψέλη, τηλ. 531-616.
ΠΩΛΕΙΤΑΙ τηλέφωνο άπό «3», Πληρ. τηλ. 309-467, 2—8 μ.μ.
ΠΩΛΕΙΤΑΙ τηλέφωνο άπό 9. Τηλ. 919-159.
ΠΩΛΕΙΤΑΙ τηλέφωνο άπό 2. Πληροφορίες 220-474.
ΠΩΛΕΙΤΑΙ τηλ. άπό 5 για οίκο. Τηλ. 512-691.
ΠΩΛΕΙΤΑΙ εύθυμος τηλεφωνητής με ευκαιρία. Τηλ. 304-631.
ΠΩΛΕΙΤΑΙ τηλέφωνο 24.000 άπό 2, 211-532 και 212-645.
ΠΩΛΕΙΤΑΙ τηλέφ. άπό 2. Τηλ. 274-552, 7—10 μ.μ.
ΠΩΛΕΙΤΑΙ τηλέφωνον. Τηλ. 812-302.
ΣΥΣΚΕΥΕΣ
ΠΩΛΕΙΤΑΙ ψυγείο επαγγελματικόν. Τηλ. ευκαιρίας. Αιόλου 23 Σ-τεμπρέγου. Τηλ. 263-153, 830-913.
ΣΚΑΦΗ ΑΝΑΨΥΧΗΣ
ΠΩΛΟΥΝΤΑΙ σκάφη αναψυχής πολυεστερικά, χωρίς ταχύπλοα, βενζινοκίνητα, από 120.000 δρχ., Βαρδάκος, Γεωργιάδη 16. Πειραιάς, τηλ. 414-552.
ΤΡΕΧΑΝΤΗΡΙ 14 μέτρων σε άριστη κατάσταση πωλείται σε τιμή ευκαιρίας. Τηλ. 0821—31-395.
ΠΩΛΕΙΤΑΙ σκάφος τρεχαντήρι πλεούμενο, 7.20 μέτρα, καινούριο. Τηλ. 528-089.
ΤΟ καιούργιο «Ανεμος» μεταφέρεται στην Ευρωπαϊκή Ζώνη. Τηλ. 414-665.
ΠΩΛΕΙΤΑΙ φουσκωτό 4,60 μήκους, Μερκιουρί 40 hp. Τηλ. 416-140, Πειραιάς.
ΠΩΛΕΙΤΑΙ σκάφος Ιστιοπλοΐας 7 μέτρα, μηχανή 4,20 μ. με τρέιλερ. Τηλ. 522-217.
ΠΩΛΕΙΤΑΙ σκάφος κομπλέ 5,5 μ. μήκος μηχανή 80 άλογα. Τηλ. 420-564.
ΠΩΛΕΙΤΑΙ Evinrude 55 ίππων. Τηλ. 524-088.
ΠΩΛΕΙΤΑΙ βάρκα με τρέιλερ. Τηλ. 521-513.
ΒΑΡΚΑ πλαστ. 3,60 μ. τρέιλερ. Τηλ. 917-253.
ΜΕΝΤΙΟΥΜ
ΜΕΝΤΙΟΥΜ Η Κωνσταντινουπολίτισσα αστρολόγος αποκαλύπτει το παρελθόν, το παρόν και το μέλλον σας. Λύνει κάθε πρόβλημα. Τηλ. 524-165.
ΜΕΝΤΙΟΥΜ Λουίζα, Αιγυπτία διάσημη αστρολόγος αποκαλύπτει και λύνει όλα τα προβλήματα. Τηλ. 226-395.
ΠΕΡΙΦΗΜΟΣ αστρολόγος - χαρτομάντης. Κέρα Ιδομενέως 8. Τηλ. 521-107.
ΜΕΝΤΙΟΥΜ Σοφία. Κρυστάλλινη σφαίρα, ερμηνεία καφέ. Τηλ. 912-713.
ΜΕΝΤΙΟΥΜ Ανατολίτισσα, Πειραιάς. Τηλ. 416-412.
ΝΤΕΤΕΚΤΙΒΣ
ΝΤΕΤΕΚΤΙΒΣ 42 Mrs Ah, Θεσσαλονίκη, Εγνατία 44. Τηλ. 223-864. Έρευνες, παρακολουθήσεις, ειδικές υποθέσεις.
ΙΔΙΩΤΙΚΟ γραφείο ερευνών εξουσιοδοτημένο. Τηλ. 361-522.
ΣΥΝΕΧΕΙΑ ΣΤΗΝ 20Η ΣΕΛΙΔΑ
